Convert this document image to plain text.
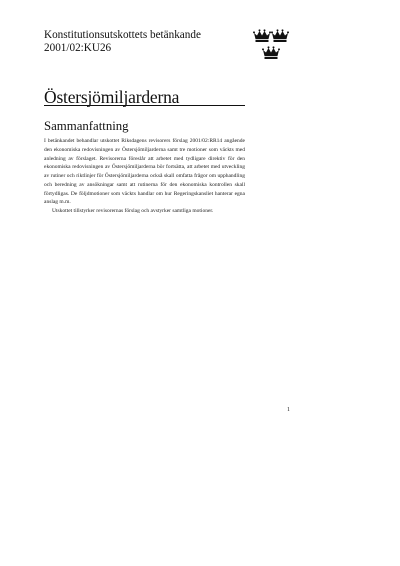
Konstitutionsutskottets betänkande
2001/02:KU26
Östersjömiljarderna
Sammanfattning

I betänkandet behandlar utskottet Riksdagens revisorers förslag 2001/02:RR14 angående den ekonomiska redovisningen av Östersjömiljarderna samt tre motioner som väckts med anledning av förslaget. Revisorerna föreslår att arbetet med tydligare direktiv för den ekonomiska redovisningen av Östersjömiljarderna bör fortsätta, att arbetet med utveckling av rutiner och riktlinjer för Östersjömiljarderna också skall omfatta frågor om upphandling och beredning av ansökningar samt att rutinerna för den ekonomiska kontrollen skall förtydligas. De följdmotioner som väckts handlar om hur Regeringskansliet hanterar egna anslag m.m.

Utskottet tillstyrker revisorernas förslag och avstyrker samtliga motioner.

1
